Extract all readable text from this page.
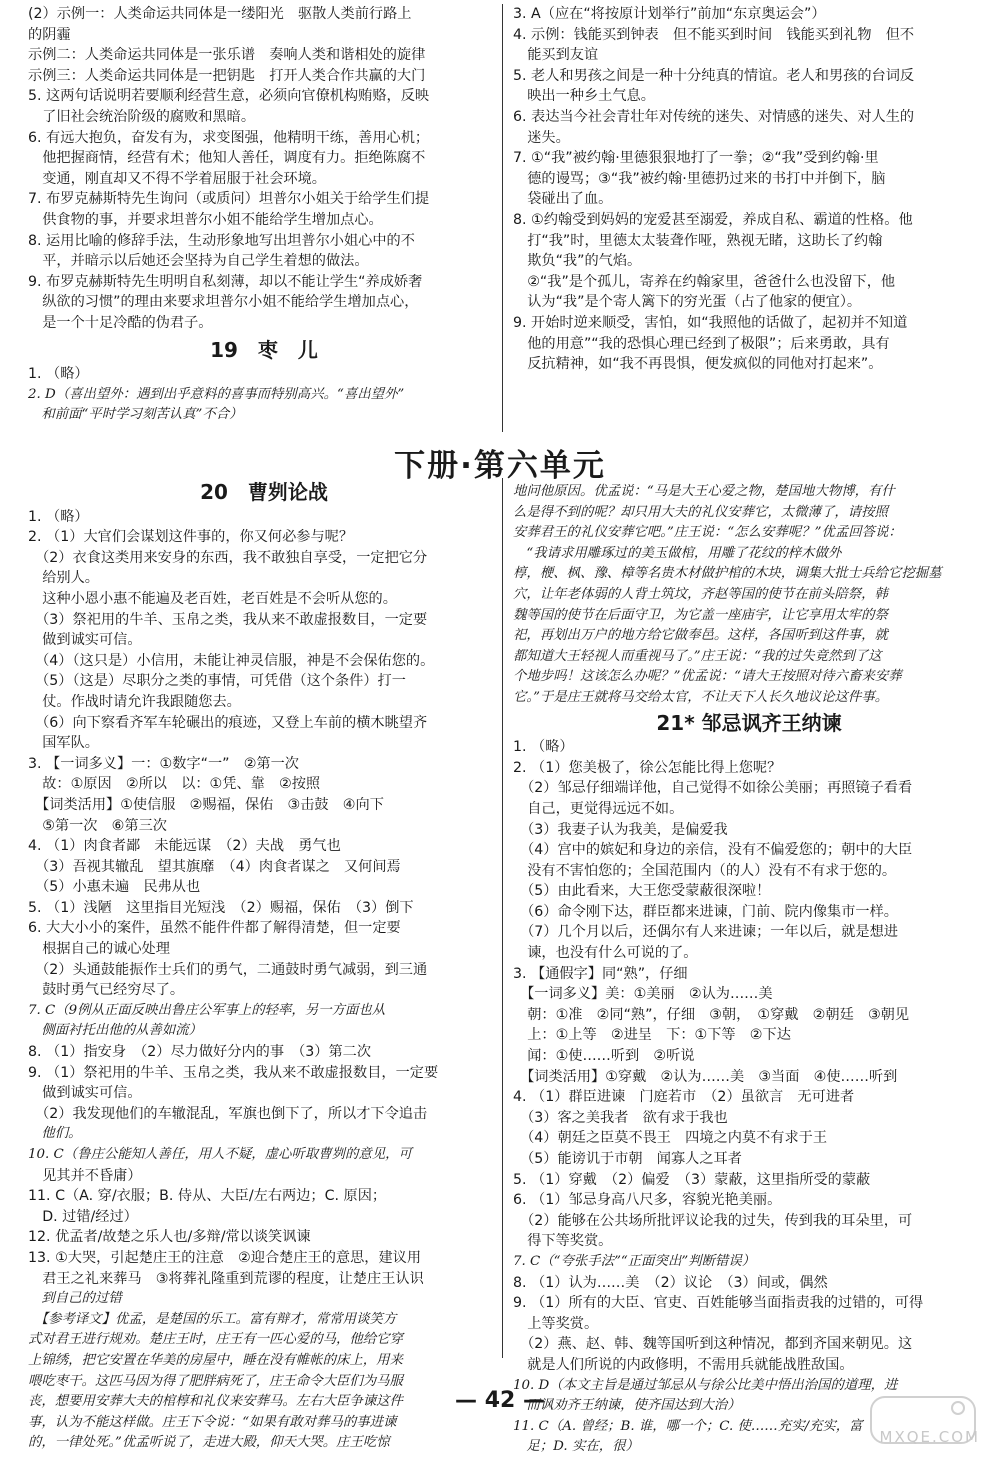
(2）示例一：人类命运共同体是一缕阳光　驱散人类前行路上

的阴霾

示例二：人类命运共同体是一张乐谱　奏响人类和谐相处的旋律

示例三：人类命运共同体是一把钥匙　打开人类合作共赢的大门

5. 这两句话说明若要顺利经营生意，必须向官僚机构贿赂，反映

　了旧社会统治阶级的腐败和黑暗。

6. 有远大抱负，奋发有为，求变图强，他精明干练，善用心机；

　他把握商情，经营有术；他知人善任，调度有力。拒绝陈腐不

　变通，刚直却又不得不学着屈服于社会环境。

7. 布罗克赫斯特先生询问（或质问）坦普尔小姐关于给学生们提

　供食物的事，并要求坦普尔小姐不能给学生增加点心。

8. 运用比喻的修辞手法，生动形象地写出坦普尔小姐心中的不

　平，并暗示以后她还会坚持为自己学生着想的做法。

9. 布罗克赫斯特先生明明自私刻薄，却以不能让学生“养成娇奢

　纵欲的习惯”的理由来要求坦普尔小姐不能给学生增加点心，

　是一个十足冷酷的伪君子。

19　枣　儿

1. （略）

2. D（喜出望外：遇到出乎意料的喜事而特别高兴。“喜出望外”

　和前面“平时学习刻苦认真”不合）

3. A（应在“将按原计划举行”前加“东京奥运会”）

4. 示例：钱能买到钟表　但不能买到时间　钱能买到礼物　但不

　能买到友谊

5. 老人和男孩之间是一种十分纯真的情谊。老人和男孩的台词反

　映出一种乡土气息。

6. 表达当今社会青壮年对传统的迷失、对情感的迷失、对人生的

　迷失。

7. ①“我”被约翰·里德狠狠地打了一拳；②“我”受到约翰·里

　德的谩骂；③“我”被约翰·里德扔过来的书打中并倒下，脑

　袋碰出了血。

8. ①约翰受到妈妈的宠爱甚至溺爱，养成自私、霸道的性格。他

　打“我”时，里德太太装聋作哑，熟视无睹，这助长了约翰

　欺负“我”的气焰。

　②“我”是个孤儿，寄养在约翰家里，爸爸什么也没留下，他

　认为“我”是个寄人篱下的穷光蛋（占了他家的便宜）。

9. 开始时逆来顺受，害怕，如“我照他的话做了，起初并不知道

　他的用意”“我的恐惧心理已经到了极限”；后来勇敢，具有

　反抗精神，如“我不再畏惧，便发疯似的同他对打起来”。

下册·第六单元
20　曹刿论战

1. （略）

2. （1）大官们会谋划这件事的，你又何必参与呢？

　（2）衣食这类用来安身的东西，我不敢独自享受，一定把它分

　给别人。

　这种小恩小惠不能遍及老百姓，老百姓是不会听从您的。

　（3）祭祀用的牛羊、玉帛之类，我从来不敢虚报数目，一定要

　做到诚实可信。

　（4）（这只是）小信用，未能让神灵信服，神是不会保佑您的。

　（5）（这是）尽职分之类的事情，可凭借（这个条件）打一

　仗。作战时请允许我跟随您去。

　（6）向下察看齐军车轮碾出的痕迹，又登上车前的横木眺望齐

　国军队。

3. 【一词多义】一：①数字“一”　②第一次

　故：①原因　②所以　以：①凭、靠　②按照

　【词类活用】①使信服　②赐福，保佑　③击鼓　④向下

　⑤第一次　⑥第三次

4. （1）肉食者鄙　未能远谋　（2）夫战　勇气也

　（3）吾视其辙乱　望其旗靡　（4）肉食者谋之　又何间焉

　（5）小惠未遍　民弗从也

5. （1）浅陋　这里指目光短浅　（2）赐福，保佑　（3）倒下

6. 大大小小的案件，虽然不能件件都了解得清楚，但一定要

　根据自己的诚心处理

　（2）头通鼓能振作士兵们的勇气，二通鼓时勇气减弱，到三通

　鼓时勇气已经穷尽了。

7. C（9例从正面反映出鲁庄公军事上的轻率，另一方面也从

　侧面衬托出他的从善如流）

8. （1）指安身　（2）尽力做好分内的事　（3）第二次

9. （1）祭祀用的牛羊、玉帛之类，我从来不敢虚报数目，一定要

　做到诚实可信。

　（2）我发现他们的车辙混乱，军旗也倒下了，所以才下令追击

　他们。

10. C（鲁庄公能知人善任，用人不疑，虚心听取曹刿的意见，可

　见其并不昏庸）

11. C（A. 穿/衣服；B. 侍从、大臣/左右两边；C. 原因；

　D. 过错/经过）

12. 优孟者/故楚之乐人也/多辩/常以谈笑讽谏

13. ①大哭，引起楚庄王的注意　②迎合楚庄王的意思，建议用

　君王之礼来葬马　③将葬礼隆重到荒谬的程度，让楚庄王认识

　到自己的过错

　【参考译文】优孟，是楚国的乐工。富有辩才，常常用谈笑方

式对君王进行规劝。楚庄王时，庄王有一匹心爱的马，他给它穿

上锦绣，把它安置在华美的房屋中，睡在没有帷帐的床上，用来

喂吃枣干。这匹马因为得了肥胖病死了，庄王命令大臣们为马服

丧，想要用安葬大夫的棺椁和礼仪来安葬马。左右大臣争谏这件

事，认为不能这样做。庄王下令说：“如果有敢对葬马的事进谏

的，一律处死。”优孟听说了，走进大殿，仰天大哭。庄王吃惊

地问他原因。优孟说：“马是大王心爱之物，楚国地大物博，有什

么是得不到的呢？却只用大夫的礼仪安葬它，太微薄了，请按照

安葬君王的礼仪安葬它吧。”庄王说：“怎么安葬呢？”优孟回答说：

　“我请求用雕琢过的美玉做棺，用雕了花纹的梓木做外

椁，楩、枫、豫、樟等名贵木材做护棺的木块，调集大批士兵给它挖掘墓

穴，让年老体弱的人背土筑坟，齐赵等国的使节在前头陪祭，韩

魏等国的使节在后面守卫，为它盖一座庙宇，让它享用太牢的祭

祀，再划出万户的地方给它做奉邑。这样，各国听到这件事，就

都知道大王轻视人而重视马了。”庄王说：“我的过失竟然到了这

个地步吗！这该怎么办呢？”优孟说：“请大王按照对待六畜来安葬

它。”于是庄王就将马交给太官，不让天下人长久地议论这件事。

21* 邹忌讽齐王纳谏

1. （略）

2. （1）您美极了，徐公怎能比得上您呢？

　（2）邹忌仔细端详他，自己觉得不如徐公美丽；再照镜子看看

　自己，更觉得远远不如。

　（3）我妻子认为我美，是偏爱我

　（4）宫中的嫔妃和身边的亲信，没有不偏爱您的；朝中的大臣

　没有不害怕您的；全国范围内（的人）没有不有求于您的。

　（5）由此看来，大王您受蒙蔽很深啦！

　（6）命令刚下达，群臣都来进谏，门前、院内像集市一样。

　（7）几个月以后，还偶尔有人来进谏；一年以后，就是想进

　谏，也没有什么可说的了。

3. 【通假字】同“熟”，仔细

　【一词多义】美：①美丽　②认为……美

　朝：①准　②同“熟”，仔细　③朝，　①穿戴　②朝廷　③朝见

　上：①上等　②进呈　下：①下等　②下达

　闻：①使……听到　②听说

　【词类活用】①穿戴　②认为……美　③当面　④使……听到

4. （1）群臣进谏　门庭若市　（2）虽欲言　无可进者

　（3）客之美我者　欲有求于我也

　（4）朝廷之臣莫不畏王　四境之内莫不有求于王

　（5）能谤讥于市朝　闻寡人之耳者

5. （1）穿戴　（2）偏爱　（3）蒙蔽，这里指所受的蒙蔽

6. （1）邹忌身高八尺多，容貌光艳美丽。

　（2）能够在公共场所批评议论我的过失，传到我的耳朵里，可

　得下等奖赏。

7. C（“夸张手法”“正面突出”判断错误）

8. （1）认为……美　（2）议论　（3）间或，偶然

9. （1）所有的大臣、官吏、百姓能够当面指责我的过错的，可得

　上等奖赏。

　（2）燕、赵、韩、魏等国听到这种情况，都到齐国来朝见。这

　就是人们所说的内政修明，不需用兵就能战胜敌国。

10. D（本文主旨是通过邹忌从与徐公比美中悟出治国的道理，进

　而讽劝齐王纳谏，使齐国达到大治）

11. C（A. 曾经；B. 谁，哪一个；C. 使……充实/充实，富

　足；D. 实在，很）

— 42 —
MXQE.COM
